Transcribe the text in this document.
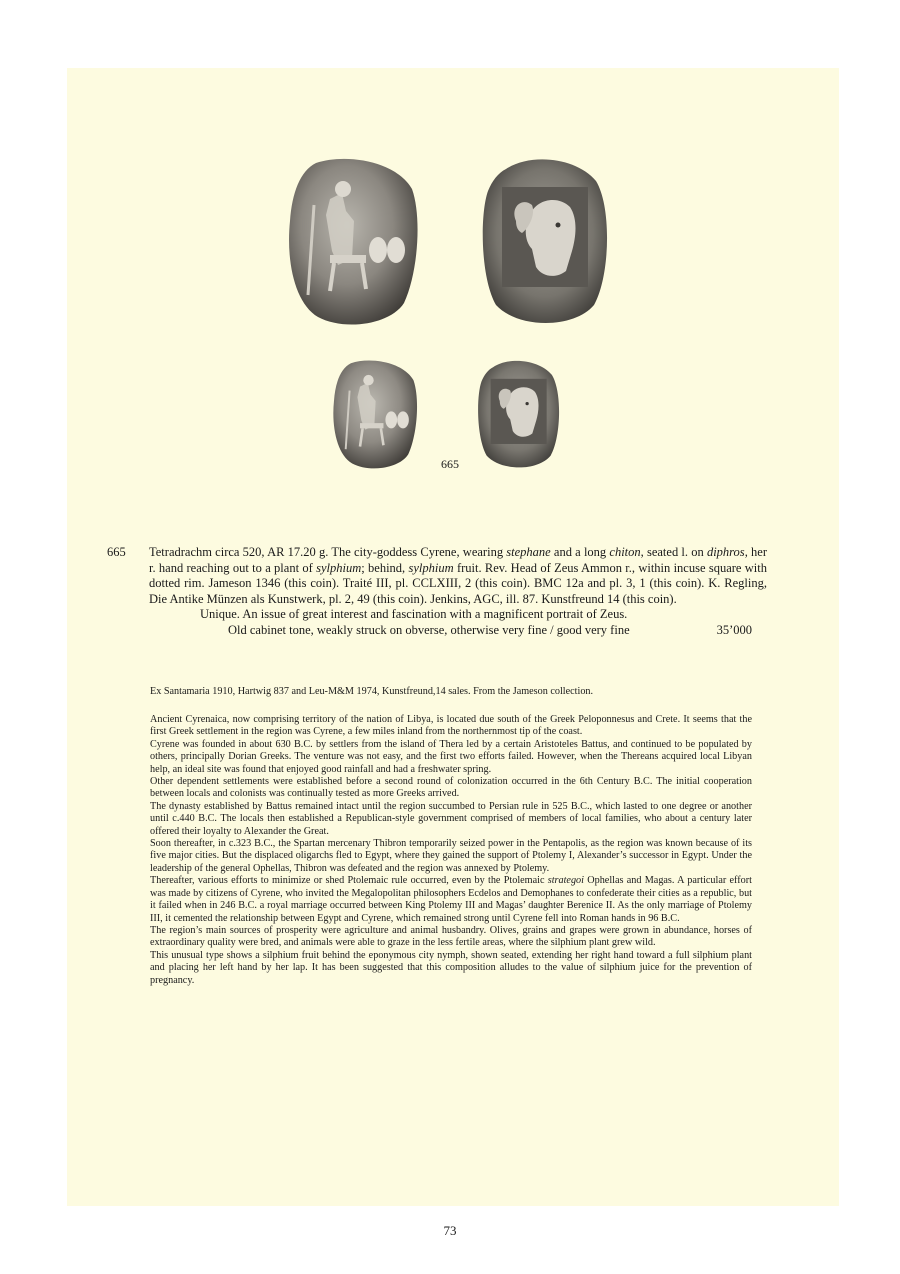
665
665 Tetradrachm circa 520, AR 17.20 g. The city-goddess Cyrene, wearing stephane and a long chiton, seated l. on diphros, her r. hand reaching out to a plant of sylphium; behind, sylphium fruit. Rev. Head of Zeus Ammon r., within incuse square with dotted rim. Jameson 1346 (this coin). Traité III, pl. CCLXIII, 2 (this coin). BMC 12a and pl. 3, 1 (this coin). K. Regling, Die Antike Münzen als Kunstwerk, pl. 2, 49 (this coin). Jenkins, AGC, ill. 87. Kunstfreund 14 (this coin).
Unique. An issue of great interest and fascination with a magnificent portrait of Zeus.
Old cabinet tone, weakly struck on obverse, otherwise very fine / good very fine	35’000
Ex Santamaria 1910, Hartwig 837 and Leu-M&M 1974, Kunstfreund,14 sales. From the Jameson collection.

Ancient Cyrenaica, now comprising territory of the nation of Libya, is located due south of the Greek Peloponnesus and Crete. It seems that the first Greek settlement in the region was Cyrene, a few miles inland from the northernmost tip of the coast.

Cyrene was founded in about 630 B.C. by settlers from the island of Thera led by a certain Aristoteles Battus, and continued to be populated by others, principally Dorian Greeks. The venture was not easy, and the first two efforts failed. However, when the Thereans acquired local Libyan help, an ideal site was found that enjoyed good rainfall and had a freshwater spring.

Other dependent settlements were established before a second round of colonization occurred in the 6th Century B.C. The initial cooperation between locals and colonists was continually tested as more Greeks arrived.

The dynasty established by Battus remained intact until the region succumbed to Persian rule in 525 B.C., which lasted to one degree or another until c.440 B.C. The locals then established a Republican-style government comprised of members of local families, who about a century later offered their loyalty to Alexander the Great.

Soon thereafter, in c.323 B.C., the Spartan mercenary Thibron temporarily seized power in the Pentapolis, as the region was known because of its five major cities. But the displaced oligarchs fled to Egypt, where they gained the support of Ptolemy I, Alexander’s successor in Egypt. Under the leadership of the general Ophellas, Thibron was defeated and the region was annexed by Ptolemy.

Thereafter, various efforts to minimize or shed Ptolemaic rule occurred, even by the Ptolemaic strategoi Ophellas and Magas. A particular effort was made by citizens of Cyrene, who invited the Megalopolitan philosophers Ecdelos and Demophanes to confederate their cities as a republic, but it failed when in 246 B.C. a royal marriage occurred between King Ptolemy III and Magas’ daughter Berenice II. As the only marriage of Ptolemy III, it cemented the relationship between Egypt and Cyrene, which remained strong until Cyrene fell into Roman hands in 96 B.C.

The region’s main sources of prosperity were agriculture and animal husbandry. Olives, grains and grapes were grown in abundance, horses of extraordinary quality were bred, and animals were able to graze in the less fertile areas, where the silphium plant grew wild.

This unusual type shows a silphium fruit behind the eponymous city nymph, shown seated, extending her right hand toward a full silphium plant and placing her left hand by her lap. It has been suggested that this composition alludes to the value of silphium juice for the prevention of pregnancy.

73
